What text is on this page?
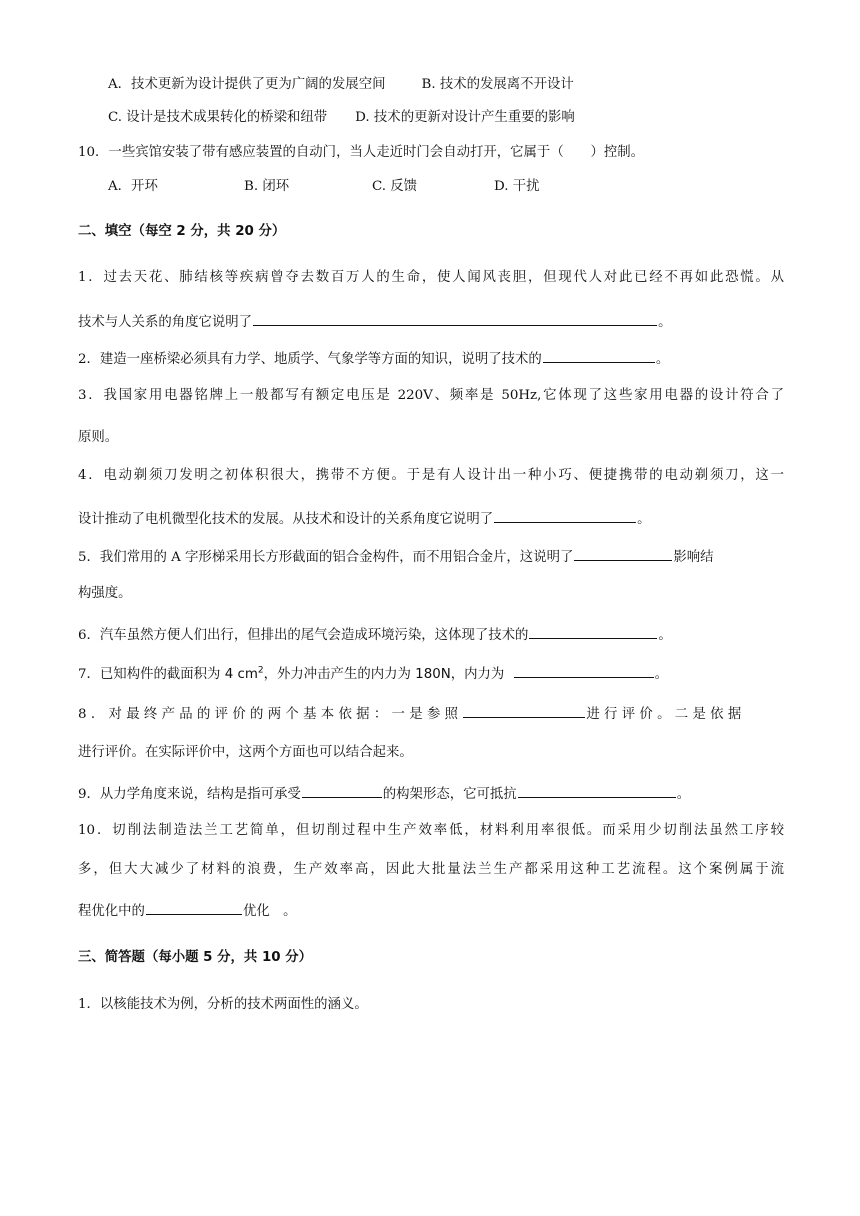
A．技术更新为设计提供了更为广阔的发展空间	B. 技术的发展离不开设计
C. 设计是技术成果转化的桥梁和纽带 D. 技术的更新对设计产生重要的影响
10．一些宾馆安装了带有感应装置的自动门，当人走近时门会自动打开，它属于（　　）控制。
A．开环	B. 闭环	C. 反馈	D. 干扰
二、填空（每空 2 分，共 20 分）
1．过去天花、肺结核等疾病曾夺去数百万人的生命，使人闻风丧胆，但现代人对此已经不再如此恐慌。从
技术与人关系的角度它说明了	。
2．建造一座桥梁必须具有力学、地质学、气象学等方面的知识，说明了技术的	。
3．我国家用电器铭牌上一般都写有额定电压是 220V、频率是 50Hz,它体现了这些家用电器的设计符合了
原则。
4．电动剃须刀发明之初体积很大，携带不方便。于是有人设计出一种小巧、便捷携带的电动剃须刀，这一
设计推动了电机微型化技术的发展。从技术和设计的关系角度它说明了	。
5．我们常用的 A 字形梯采用长方形截面的铝合金构件，而不用铝合金片，这说明了	影响结
构强度。
6．汽车虽然方便人们出行，但排出的尾气会造成环境污染，这体现了技术的	。
7．已知构件的截面积为 4 $cm^2$，外力冲击产生的内力为 180N，内力为	。
8．对最终产品的评价的两个基本依据：一是参照	进行评价。二是依据
进行评价。在实际评价中，这两个方面也可以结合起来。
9．从力学角度来说，结构是指可承受	的构架形态，它可抵抗	。
10．切削法制造法兰工艺简单，但切削过程中生产效率低，材料利用率很低。而采用少切削法虽然工序较
多，但大大减少了材料的浪费，生产效率高，因此大批量法兰生产都采用这种工艺流程。这个案例属于流
程优化中的	优化　。
三、简答题（每小题 5 分，共 10 分）
1．以核能技术为例，分析的技术两面性的涵义。
